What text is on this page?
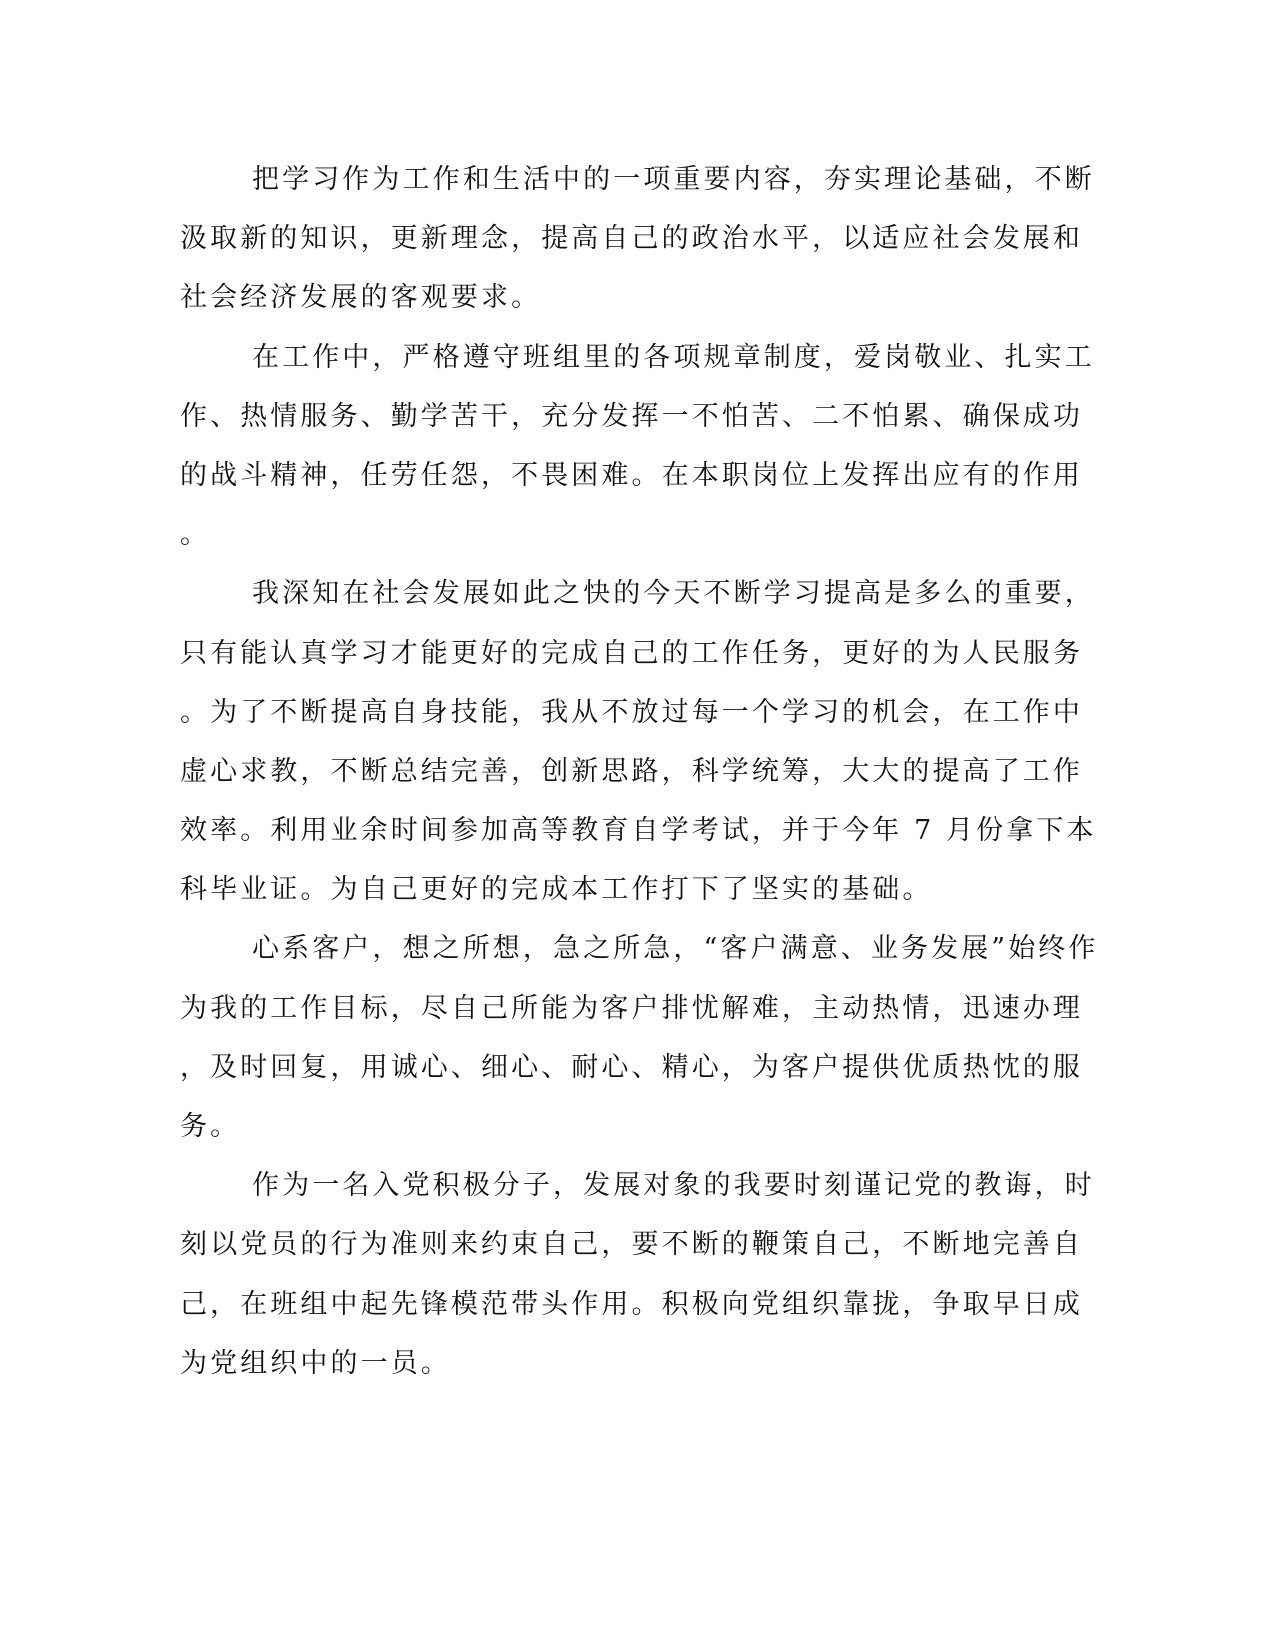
把学习作为工作和生活中的一项重要内容，夯实理论基础，不断
汲取新的知识，更新理念，提高自己的政治水平，以适应社会发展和
社会经济发展的客观要求。

在工作中，严格遵守班组里的各项规章制度，爱岗敬业、扎实工
作、热情服务、勤学苦干，充分发挥一不怕苦、二不怕累、确保成功
的战斗精神，任劳任怨，不畏困难。在本职岗位上发挥出应有的作用
。

我深知在社会发展如此之快的今天不断学习提高是多么的重要，
只有能认真学习才能更好的完成自己的工作任务，更好的为人民服务
。为了不断提高自身技能，我从不放过每一个学习的机会，在工作中
虚心求教，不断总结完善，创新思路，科学统筹，大大的提高了工作
效率。利用业余时间参加高等教育自学考试，并于今年 7 月份拿下本
科毕业证。为自己更好的完成本工作打下了坚实的基础。

心系客户，想之所想，急之所急，“客户满意、业务发展”始终作
为我的工作目标，尽自己所能为客户排忧解难，主动热情，迅速办理
，及时回复，用诚心、细心、耐心、精心，为客户提供优质热忱的服
务。

作为一名入党积极分子，发展对象的我要时刻谨记党的教诲，时
刻以党员的行为准则来约束自己，要不断的鞭策自己，不断地完善自
己，在班组中起先锋模范带头作用。积极向党组织靠拢，争取早日成
为党组织中的一员。
